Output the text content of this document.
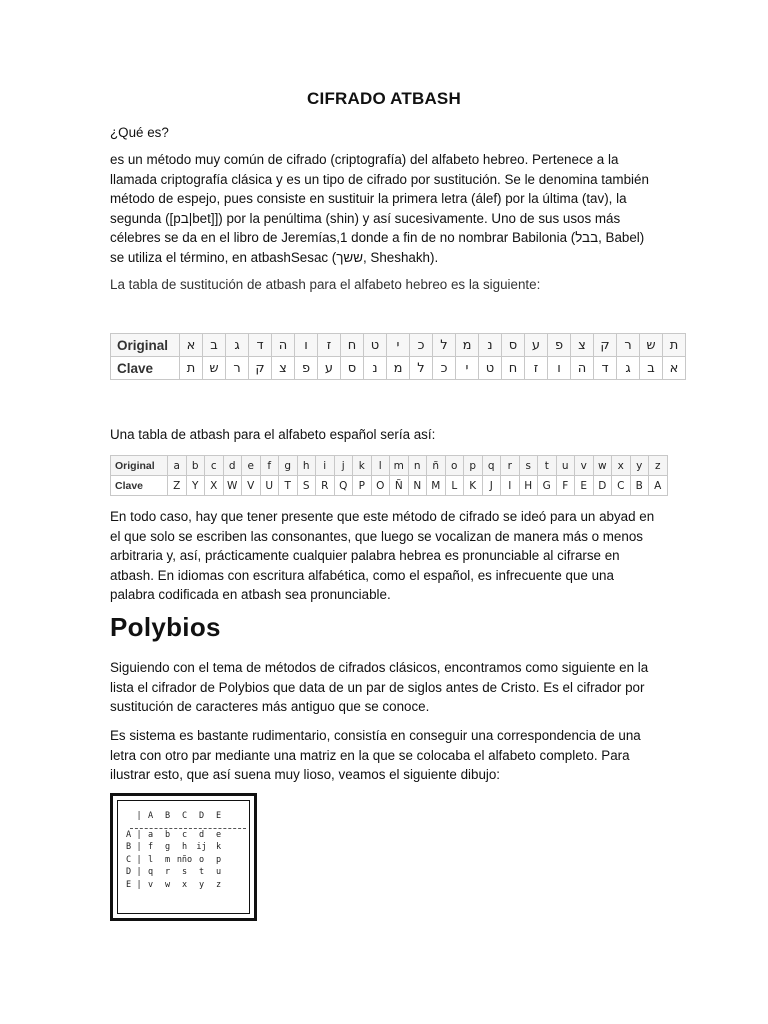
CIFRADO ATBASH
¿Qué es?
es un método muy común de cifrado (criptografía) del alfabeto hebreo. Pertenece a la llamada criptografía clásica y es un tipo de cifrado por sustitución. Se le denomina también método de espejo, pues consiste en sustituir la primera letra (álef) por la última (tav), la segunda ([pב|bet]]) por la penúltima (shin) y así sucesivamente. Uno de sus usos más célebres se da en el libro de Jeremías,1 donde a fin de no nombrar Babilonia (בבל, Babel) se utiliza el término, en atbashSesac (ששך, Sheshakh).
La tabla de sustitución de atbash para el alfabeto hebreo es la siguiente:
Original	א	ב	ג	ד	ה	ו	ז	ח	ט	י	כ	ל	מ	נ	ס	ע	פ	צ	ק	ר	ש	ת
Clave	ת	ש	ר	ק	צ	פ	ע	ס	נ	מ	ל	כ	י	ט	ח	ז	ו	ה	ד	ג	ב	א
Una tabla de atbash para el alfabeto español sería así:
Original	a	b	c	d	e	f	g	h	i	j	k	l	m	n	ñ	o	p	q	r	s	t	u	v	w	x	y	z
Clave	Z	Y	X	W	V	U	T	S	R	Q	P	O	Ñ	N	M	L	K	J	I	H	G	F	E	D	C	B	A
En todo caso, hay que tener presente que este método de cifrado se ideó para un abyad en el que solo se escriben las consonantes, que luego se vocalizan de manera más o menos arbitraria y, así, prácticamente cualquier palabra hebrea es pronunciable al cifrarse en atbash. En idiomas con escritura alfabética, como el español, es infrecuente que una palabra codificada en atbash sea pronunciable.
Polybios
Siguiendo con el tema de métodos de cifrados clásicos, encontramos como siguiente en la lista el cifrador de Polybios que data de un par de siglos antes de Cristo. Es el cifrador por sustitución de caracteres más antiguo que se conoce.
Es sistema es bastante rudimentario, consistía en conseguir una correspondencia de una letra con otro par mediante una matriz en la que se colocaba el alfabeto completo. Para ilustrar esto, que así suena muy lioso, veamos el siguiente dibujo:
	|	A	B	C	D	E

A	|	a	b	c	d	e
B	|	f	g	h	ij	k
C	|	l	m	nño	o	p
D	|	q	r	s	t	u
E	|	v	w	x	y	z
